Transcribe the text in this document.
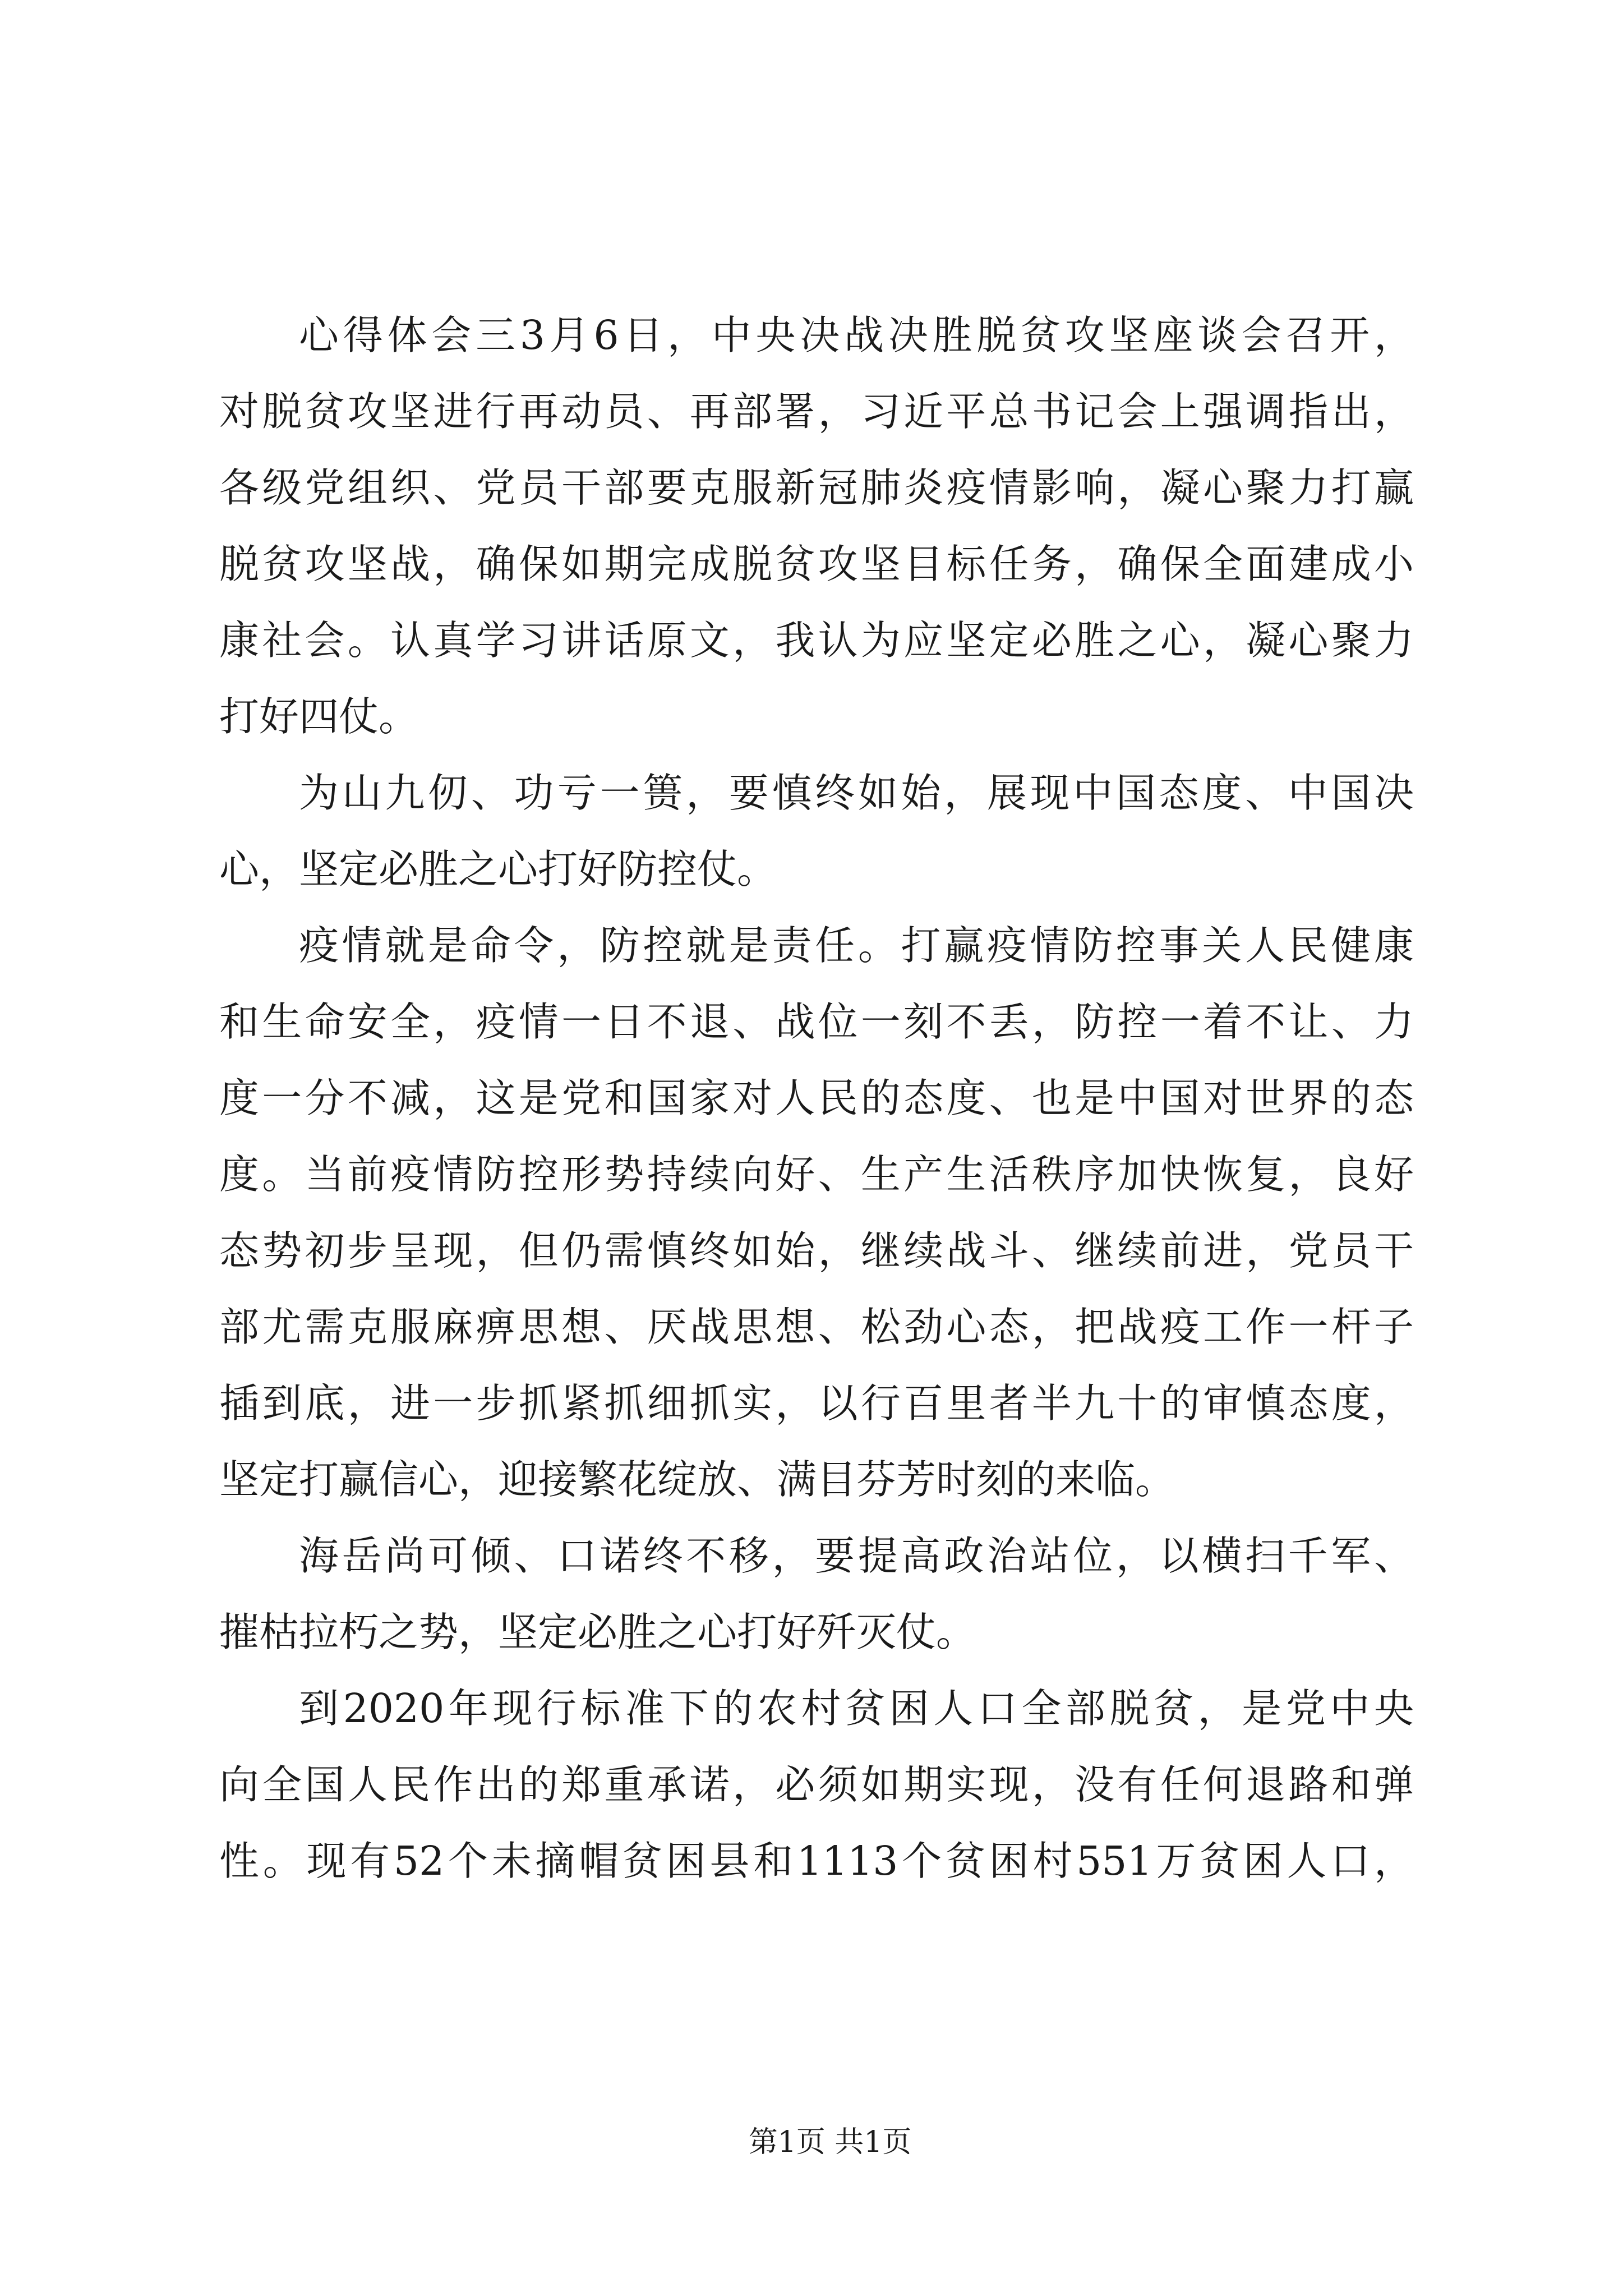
心得体会三3月6日，中央决战决胜脱贫攻坚座谈会召开，
对脱贫攻坚进行再动员、再部署，习近平总书记会上强调指出，
各级党组织、党员干部要克服新冠肺炎疫情影响，凝心聚力打赢
脱贫攻坚战，确保如期完成脱贫攻坚目标任务，确保全面建成小
康社会。认真学习讲话原文，我认为应坚定必胜之心，凝心聚力
打好四仗。
为山九仞、功亏一篑，要慎终如始，展现中国态度、中国决
心，坚定必胜之心打好防控仗。
疫情就是命令，防控就是责任。打赢疫情防控事关人民健康
和生命安全，疫情一日不退、战位一刻不丢，防控一着不让、力
度一分不减，这是党和国家对人民的态度、也是中国对世界的态
度。当前疫情防控形势持续向好、生产生活秩序加快恢复，良好
态势初步呈现，但仍需慎终如始，继续战斗、继续前进，党员干
部尤需克服麻痹思想、厌战思想、松劲心态，把战疫工作一杆子
插到底，进一步抓紧抓细抓实，以行百里者半九十的审慎态度，
坚定打赢信心，迎接繁花绽放、满目芬芳时刻的来临。
海岳尚可倾、口诺终不移，要提高政治站位，以横扫千军、
摧枯拉朽之势，坚定必胜之心打好歼灭仗。
到2020年现行标准下的农村贫困人口全部脱贫，是党中央
向全国人民作出的郑重承诺，必须如期实现，没有任何退路和弹
性。现有52个未摘帽贫困县和1113个贫困村551万贫困人口，

第1页 共1页
